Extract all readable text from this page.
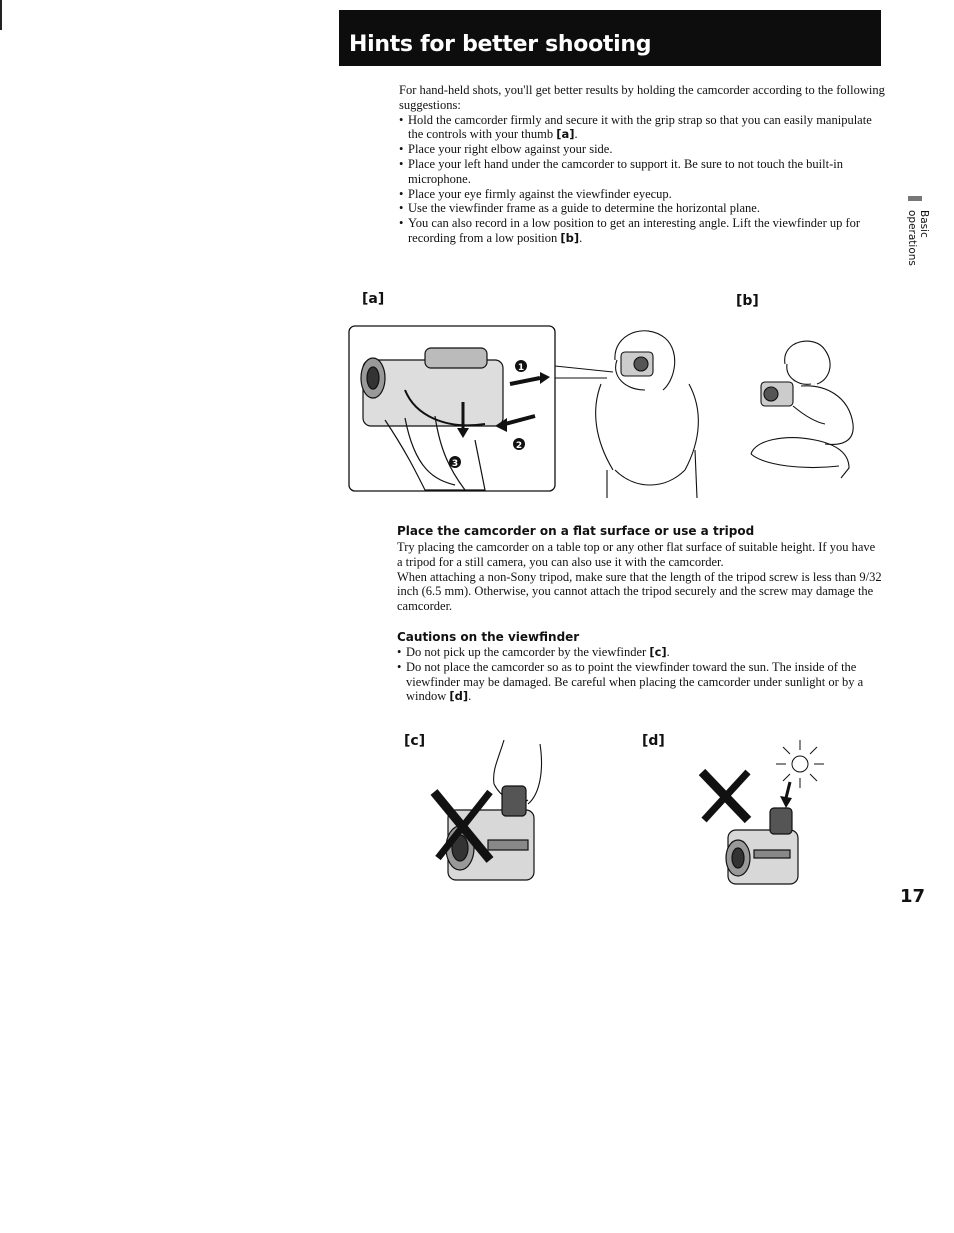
Hints for better shooting

For hand-held shots, you'll get better results by holding the camcorder according to the following suggestions:

• Hold the camcorder firmly and secure it with the grip strap so that you can easily manipulate the controls with your thumb [a].
• Place your right elbow against your side.
• Place your left hand under the camcorder to support it. Be sure to not touch the built-in microphone.
• Place your eye firmly against the viewfinder eyecup.
• Use the viewfinder frame as a guide to determine the horizontal plane.
• You can also record in a low position to get an interesting angle. Lift the viewfinder up for recording from a low position [b].
Basic operations
[a]	[b]
1
2
3
Place the camcorder on a flat surface or use a tripod

Try placing the camcorder on a table top or any other flat surface of suitable height. If you have a tripod for a still camera, you can also use it with the camcorder.

When attaching a non-Sony tripod, make sure that the length of the tripod screw is less than 9/32 inch (6.5 mm). Otherwise, you cannot attach the tripod securely and the screw may damage the camcorder.

Cautions on the viewfinder
• Do not pick up the camcorder by the viewfinder [c].
• Do not place the camcorder so as to point the viewfinder toward the sun. The inside of the viewfinder may be damaged. Be careful when placing the camcorder under sunlight or by a window [d].
[c]	[d]
17
